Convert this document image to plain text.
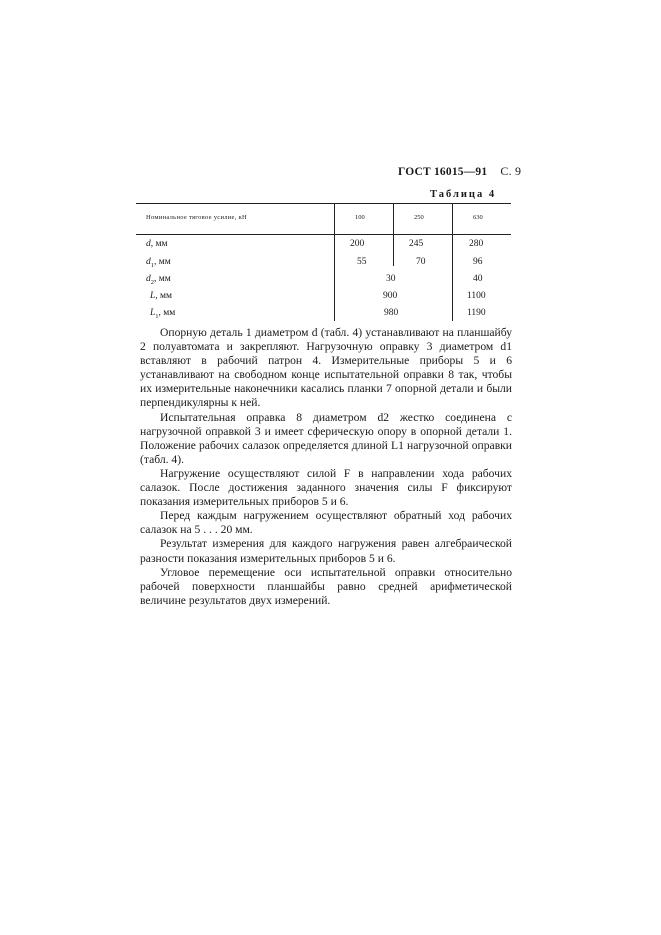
ГОСТ 16015—91 С. 9
Таблица 4
Номинальное тяговое усилие, кН	100	250	630
d, мм	200	245	280
$d_1$, мм	55	70	96
$d_2$, мм	30	40
L, мм	900	1100
$L_1$, мм	980	1190

Опорную деталь 1 диаметром d (табл. 4) устанавливают на планшайбу 2 полуавтомата и закрепляют. Нагрузочную оправку 3 диаметром d1 вставляют в рабочий патрон 4. Измерительные приборы 5 и 6 устанавливают на свободном конце испытательной оправки 8 так, чтобы их измерительные наконечники касались планки 7 опорной детали и были перпендикулярны к ней.

Испытательная оправка 8 диаметром d2 жестко соединена с нагрузочной оправкой 3 и имеет сферическую опору в опорной детали 1. Положение рабочих салазок определяется длиной L1 нагрузочной оправки (табл. 4).

Нагружение осуществляют силой F в направлении хода рабочих салазок. После достижения заданного значения силы F фиксируют показания измерительных приборов 5 и 6.

Перед каждым нагружением осуществляют обратный ход рабочих салазок на 5 . . . 20 мм.

Результат измерения для каждого нагружения равен алгебраической разности показания измерительных приборов 5 и 6.

Угловое перемещение оси испытательной оправки относительно рабочей поверхности планшайбы равно средней арифметической величине результатов двух измерений.
